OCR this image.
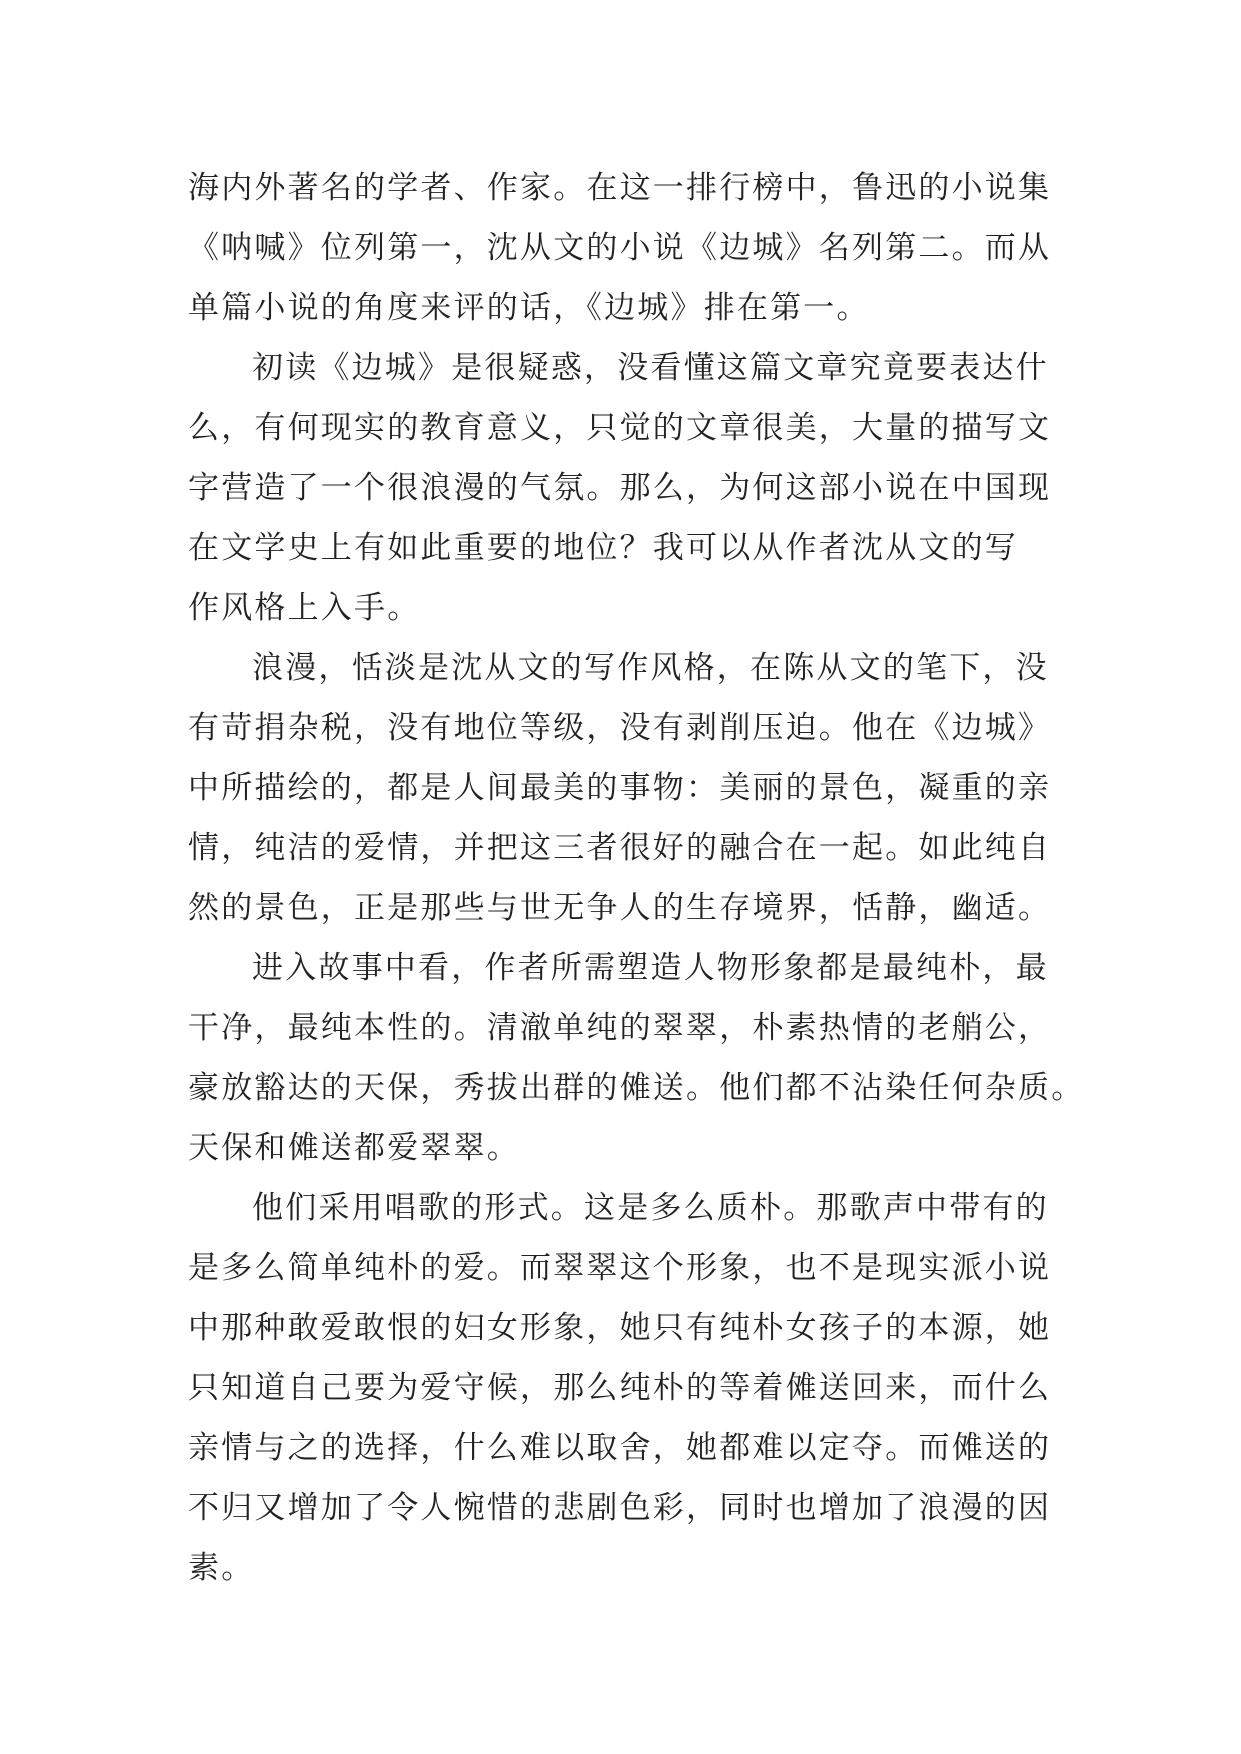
海内外著名的学者、作家。在这一排行榜中，鲁迅的小说集
《呐喊》位列第一，沈从文的小说《边城》名列第二。而从
单篇小说的角度来评的话，《边城》排在第一。
初读《边城》是很疑惑，没看懂这篇文章究竟要表达什
么，有何现实的教育意义，只觉的文章很美，大量的描写文
字营造了一个很浪漫的气氛。那么，为何这部小说在中国现
在文学史上有如此重要的地位？我可以从作者沈从文的写
作风格上入手。
浪漫，恬淡是沈从文的写作风格，在陈从文的笔下，没
有苛捐杂税，没有地位等级，没有剥削压迫。他在《边城》
中所描绘的，都是人间最美的事物：美丽的景色，凝重的亲
情，纯洁的爱情，并把这三者很好的融合在一起。如此纯自
然的景色，正是那些与世无争人的生存境界，恬静，幽适。
进入故事中看，作者所需塑造人物形象都是最纯朴，最
干净，最纯本性的。清澈单纯的翠翠，朴素热情的老艄公，
豪放豁达的天保，秀拔出群的傩送。他们都不沾染任何杂质。
天保和傩送都爱翠翠。
他们采用唱歌的形式。这是多么质朴。那歌声中带有的
是多么简单纯朴的爱。而翠翠这个形象，也不是现实派小说
中那种敢爱敢恨的妇女形象，她只有纯朴女孩子的本源，她
只知道自己要为爱守候，那么纯朴的等着傩送回来，而什么
亲情与之的选择，什么难以取舍，她都难以定夺。而傩送的
不归又增加了令人惋惜的悲剧色彩，同时也增加了浪漫的因
素。
